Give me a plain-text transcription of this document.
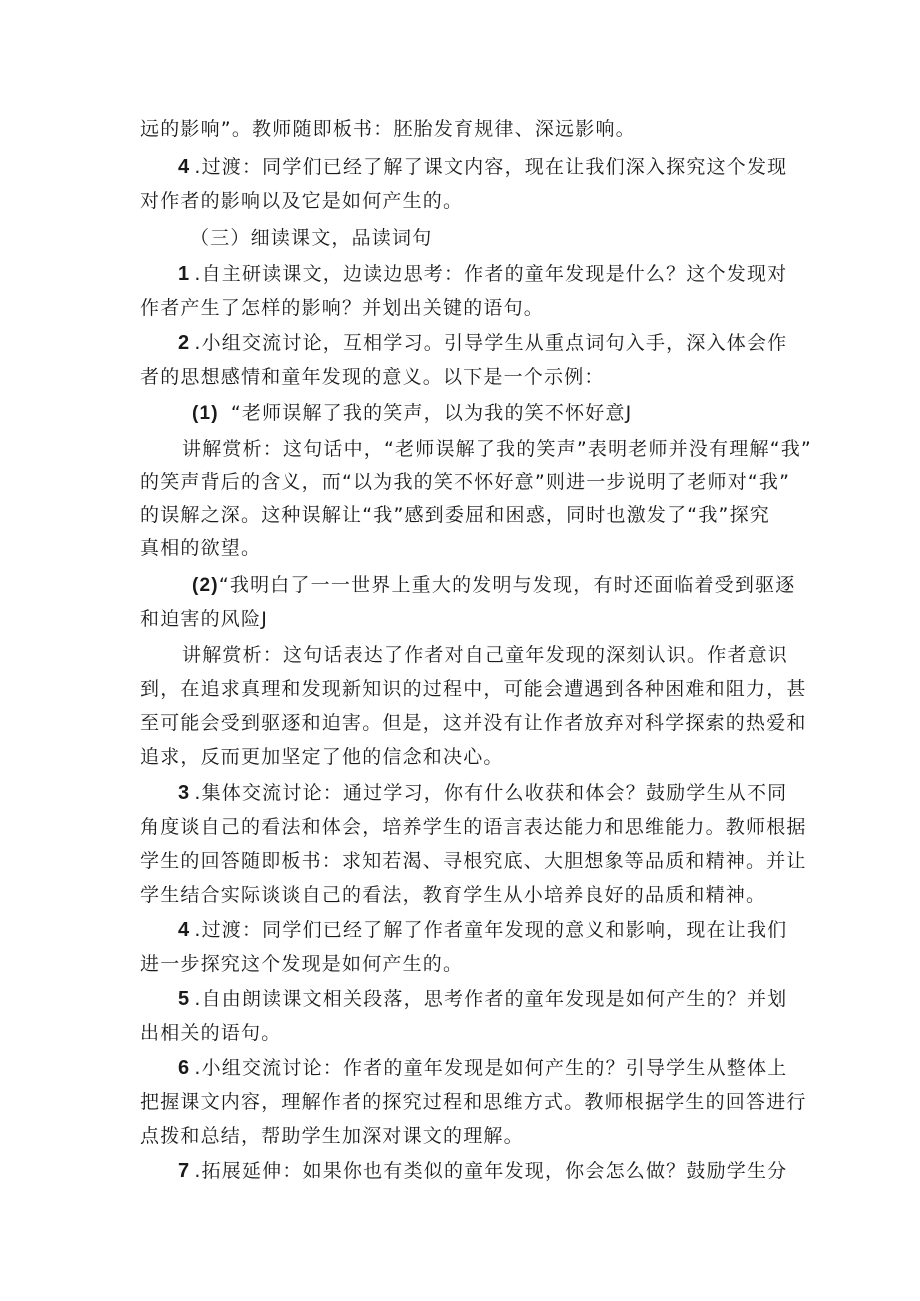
远的影响”。教师随即板书：胚胎发育规律、深远影响。
4 .过渡：同学们已经了解了课文内容，现在让我们深入探究这个发现
对作者的影响以及它是如何产生的。
（三）细读课文，品读词句
1 .自主研读课文，边读边思考：作者的童年发现是什么？这个发现对
作者产生了怎样的影响？并划出关键的语句。
2 .小组交流讨论，互相学习。引导学生从重点词句入手，深入体会作
者的思想感情和童年发现的意义。以下是一个示例：
(1) “老师误解了我的笑声，以为我的笑不怀好意J
讲解赏析：这句话中，“老师误解了我的笑声”表明老师并没有理解“我”
的笑声背后的含义，而“以为我的笑不怀好意”则进一步说明了老师对“我”
的误解之深。这种误解让“我”感到委屈和困惑，同时也激发了“我”探究
真相的欲望。
(2)“我明白了一一世界上重大的发明与发现，有时还面临着受到驱逐
和迫害的风险J
讲解赏析：这句话表达了作者对自己童年发现的深刻认识。作者意识
到，在追求真理和发现新知识的过程中，可能会遭遇到各种困难和阻力，甚
至可能会受到驱逐和迫害。但是，这并没有让作者放弃对科学探索的热爱和
追求，反而更加坚定了他的信念和决心。
3 .集体交流讨论：通过学习，你有什么收获和体会？鼓励学生从不同
角度谈自己的看法和体会，培养学生的语言表达能力和思维能力。教师根据
学生的回答随即板书：求知若渴、寻根究底、大胆想象等品质和精神。并让
学生结合实际谈谈自己的看法，教育学生从小培养良好的品质和精神。
4 .过渡：同学们已经了解了作者童年发现的意义和影响，现在让我们
进一步探究这个发现是如何产生的。
5 .自由朗读课文相关段落，思考作者的童年发现是如何产生的？并划
出相关的语句。
6 .小组交流讨论：作者的童年发现是如何产生的？引导学生从整体上
把握课文内容，理解作者的探究过程和思维方式。教师根据学生的回答进行
点拨和总结，帮助学生加深对课文的理解。
7 .拓展延伸：如果你也有类似的童年发现，你会怎么做？鼓励学生分
